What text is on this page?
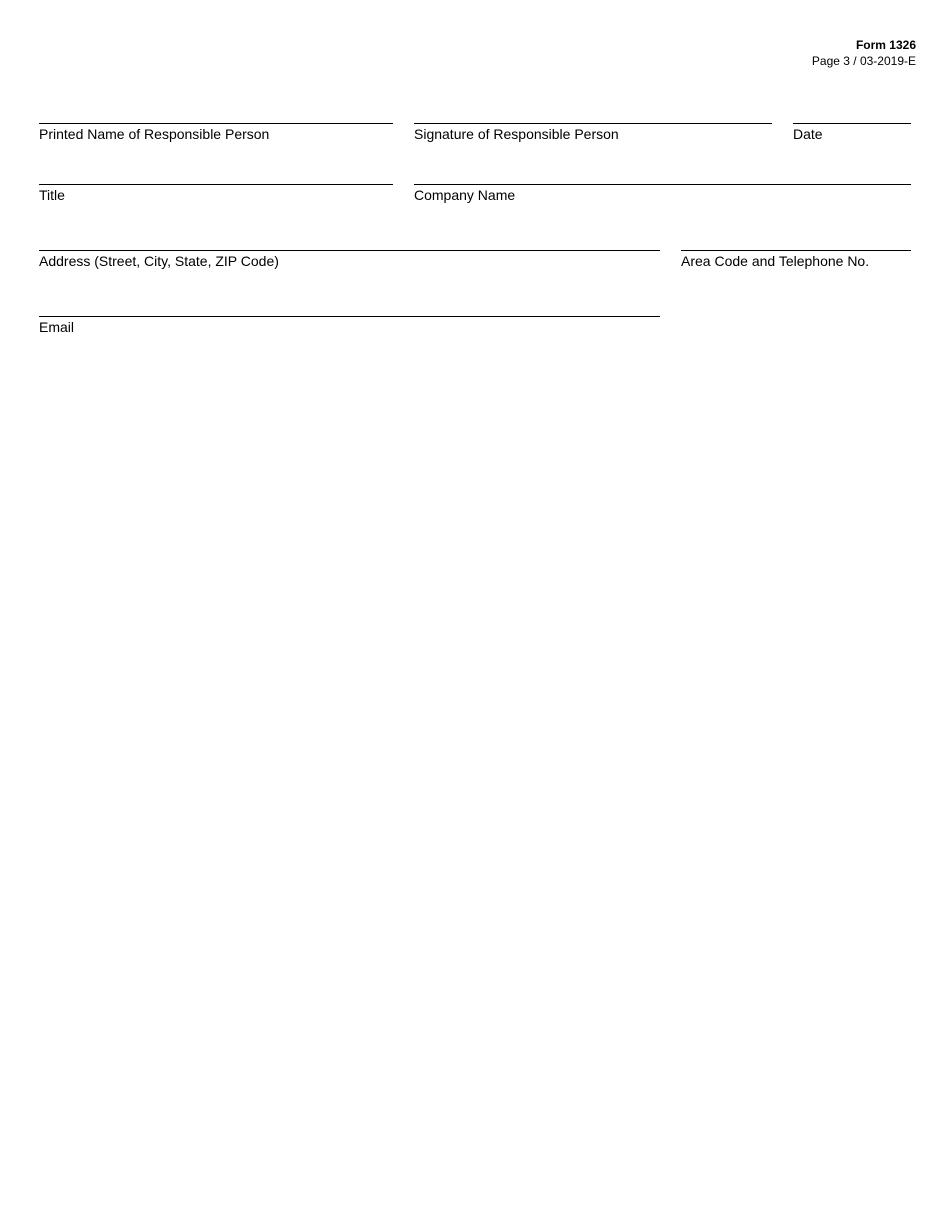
Form 1326
Page 3 / 03-2019-E
Printed Name of Responsible Person	Signature of Responsible Person	Date
Title	Company Name
Address (Street, City, State, ZIP Code)	Area Code and Telephone No.
Email
